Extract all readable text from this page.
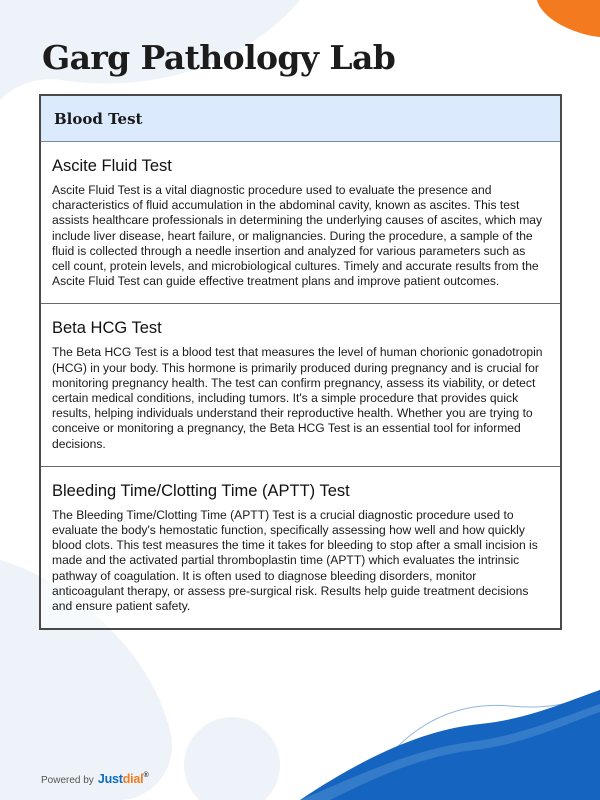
Garg Pathology Lab
Blood Test
Ascite Fluid Test

Ascite Fluid Test is a vital diagnostic procedure used to evaluate the presence and characteristics of fluid accumulation in the abdominal cavity, known as ascites. This test assists healthcare professionals in determining the underlying causes of ascites, which may include liver disease, heart failure, or malignancies. During the procedure, a sample of the fluid is collected through a needle insertion and analyzed for various parameters such as cell count, protein levels, and microbiological cultures. Timely and accurate results from the Ascite Fluid Test can guide effective treatment plans and improve patient outcomes.

Beta HCG Test

The Beta HCG Test is a blood test that measures the level of human chorionic gonadotropin (HCG) in your body. This hormone is primarily produced during pregnancy and is crucial for monitoring pregnancy health. The test can confirm pregnancy, assess its viability, or detect certain medical conditions, including tumors. It's a simple procedure that provides quick results, helping individuals understand their reproductive health. Whether you are trying to conceive or monitoring a pregnancy, the Beta HCG Test is an essential tool for informed decisions.

Bleeding Time/Clotting Time (APTT) Test

The Bleeding Time/Clotting Time (APTT) Test is a crucial diagnostic procedure used to evaluate the body's hemostatic function, specifically assessing how well and how quickly blood clots. This test measures the time it takes for bleeding to stop after a small incision is made and the activated partial thromboplastin time (APTT) which evaluates the intrinsic pathway of coagulation. It is often used to diagnose bleeding disorders, monitor anticoagulant therapy, or assess pre-surgical risk. Results help guide treatment decisions and ensure patient safety.

Powered by Justdial®
